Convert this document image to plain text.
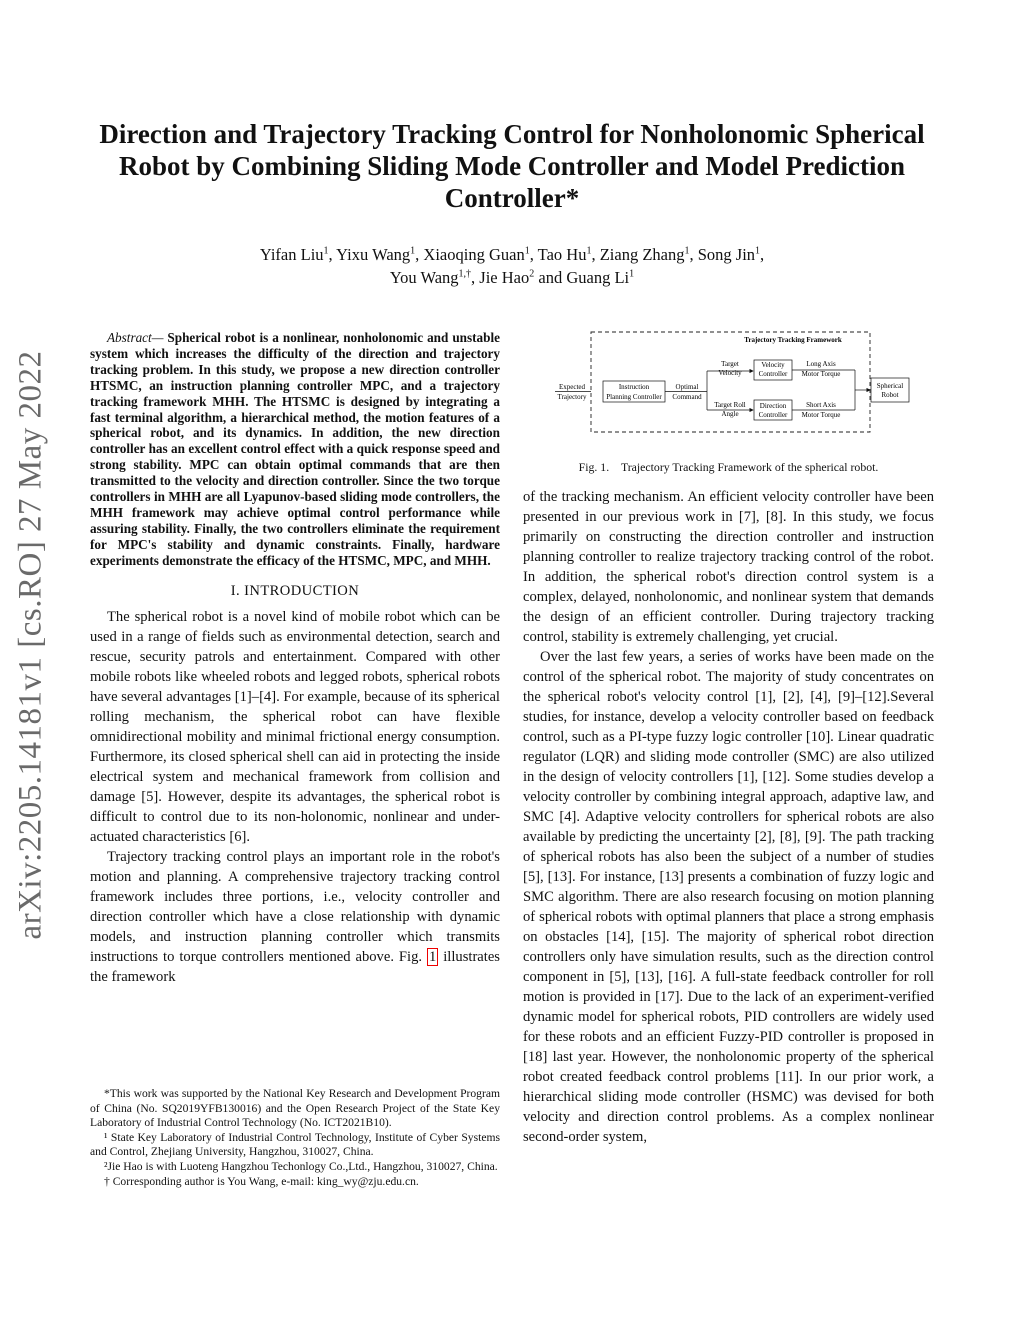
arXiv:2205.14181v1 [cs.RO] 27 May 2022
Direction and Trajectory Tracking Control for Nonholonomic Spherical Robot by Combining Sliding Mode Controller and Model Prediction Controller*
Yifan Liu$^1$, Yixu Wang$^1$, Xiaoqing Guan$^1$, Tao Hu$^1$, Ziang Zhang$^1$, Song Jin$^1$,
You Wang$^{1,\dagger}$, Jie Hao$^2$ and Guang Li$^1$
Abstract— Spherical robot is a nonlinear, nonholonomic and unstable system which increases the difficulty of the direction and trajectory tracking problem. In this study, we propose a new direction controller HTSMC, an instruction planning controller MPC, and a trajectory tracking framework MHH. The HTSMC is designed by integrating a fast terminal algorithm, a hierarchical method, the motion features of a spherical robot, and its dynamics. In addition, the new direction controller has an excellent control effect with a quick response speed and strong stability. MPC can obtain optimal commands that are then transmitted to the velocity and direction controller. Since the two torque controllers in MHH are all Lyapunov-based sliding mode controllers, the MHH framework may achieve optimal control performance while assuring stability. Finally, the two controllers eliminate the requirement for MPC's stability and dynamic constraints. Finally, hardware experiments demonstrate the efficacy of the HTSMC, MPC, and MHH.
I. INTRODUCTION

The spherical robot is a novel kind of mobile robot which can be used in a range of fields such as environmental detection, search and rescue, security patrols and entertainment. Compared with other mobile robots like wheeled robots and legged robots, spherical robots have several advantages [1]–[4]. For example, because of its spherical rolling mechanism, the spherical robot can have flexible omnidirectional mobility and minimal frictional energy consumption. Furthermore, its closed spherical shell can aid in protecting the inside electrical system and mechanical framework from collision and damage [5]. However, despite its advantages, the spherical robot is difficult to control due to its non-holonomic, nonlinear and under-actuated characteristics [6].

Trajectory tracking control plays an important role in the robot's motion and planning. A comprehensive trajectory tracking control framework includes three portions, i.e., velocity controller and direction controller which have a close relationship with dynamic models, and instruction planning controller which transmits instructions to torque controllers mentioned above. Fig. 1 illustrates the framework

*This work was supported by the National Key Research and Development Program of China (No. SQ2019YFB130016) and the Open Research Project of the State Key Laboratory of Industrial Control Technology (No. ICT2021B10).

¹ State Key Laboratory of Industrial Control Technology, Institute of Cyber Systems and Control, Zhejiang University, Hangzhou, 310027, China.

²Jie Hao is with Luoteng Hangzhou Techonlogy Co.,Ltd., Hangzhou, 310027, China.

† Corresponding author is You Wang, e-mail: king_wy@zju.edu.cn.

Trajectory Tracking Framework
Expected
Trajectory
Instruction
Planning Controller
Optimal
Command
Target
Velocity
Velocity
Controller
Long Axis
Motor Torque
Target Roll
Angle
Direction
Controller
Short Axis
Motor Torque
Spherical
Robot
Fig. 1. Trajectory Tracking Framework of the spherical robot.

of the tracking mechanism. An efficient velocity controller have been presented in our previous work in [7], [8]. In this study, we focus primarily on constructing the direction controller and instruction planning controller to realize trajectory tracking control of the robot. In addition, the spherical robot's direction control system is a complex, delayed, nonholonomic, and nonlinear system that demands the design of an efficient controller. During trajectory tracking control, stability is extremely challenging, yet crucial.

Over the last few years, a series of works have been made on the control of the spherical robot. The majority of study concentrates on the spherical robot's velocity control [1], [2], [4], [9]–[12].Several studies, for instance, develop a velocity controller based on feedback control, such as a PI-type fuzzy logic controller [10]. Linear quadratic regulator (LQR) and sliding mode controller (SMC) are also utilized in the design of velocity controllers [1], [12]. Some studies develop a velocity controller by combining integral approach, adaptive law, and SMC [4]. Adaptive velocity controllers for spherical robots are also available by predicting the uncertainty [2], [8], [9]. The path tracking of spherical robots has also been the subject of a number of studies [5], [13]. For instance, [13] presents a combination of fuzzy logic and SMC algorithm. There are also research focusing on motion planning of spherical robots with optimal planners that place a strong emphasis on obstacles [14], [15]. The majority of spherical robot direction controllers only have simulation results, such as the direction control component in [5], [13], [16]. A full-state feedback controller for roll motion is provided in [17]. Due to the lack of an experiment-verified dynamic model for spherical robots, PID controllers are widely used for these robots and an efficient Fuzzy-PID controller is proposed in [18] last year. However, the nonholonomic property of the spherical robot created feedback control problems [11]. In our prior work, a hierarchical sliding mode controller (HSMC) was devised for both velocity and direction control problems. As a complex nonlinear second-order system,
